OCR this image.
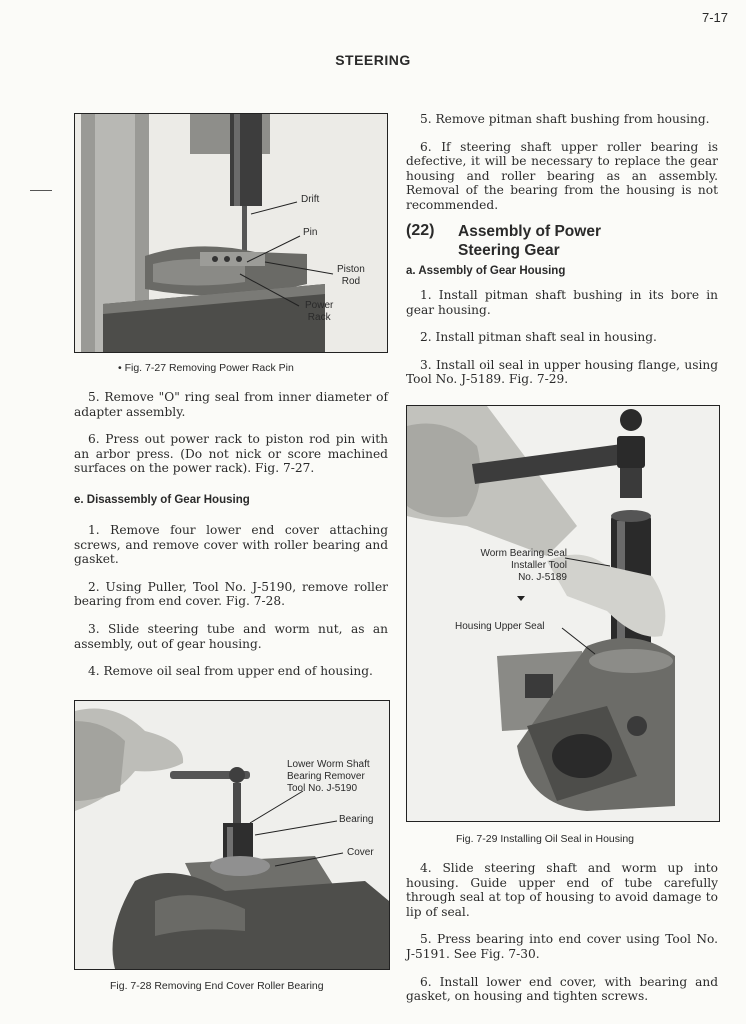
7-17
STEERING
Drift
Pin
Piston
Rod
Power
Rack
• Fig. 7-27 Removing Power Rack Pin

5. Remove "O" ring seal from inner diameter of adapter assembly.

6. Press out power rack to piston rod pin with an arbor press. (Do not nick or score machined surfaces on the power rack). Fig. 7-27.

e. Disassembly of Gear Housing

1. Remove four lower end cover attaching screws, and remove cover with roller bearing and gasket.

2. Using Puller, Tool No. J-5190, remove roller bearing from end cover. Fig. 7-28.

3. Slide steering tube and worm nut, as an assembly, out of gear housing.

4. Remove oil seal from upper end of housing.

Lower Worm Shaft
Bearing Remover
Tool No. J-5190
Bearing
Cover
Fig. 7-28 Removing End Cover Roller Bearing

5. Remove pitman shaft bushing from housing.

6. If steering shaft upper roller bearing is defective, it will be necessary to replace the gear housing and roller bearing as an assembly. Removal of the bearing from the housing is not recommended.

(22) Assembly of Power
Steering Gear
a. Assembly of Gear Housing

1. Install pitman shaft bushing in its bore in gear housing.

2. Install pitman shaft seal in housing.

3. Install oil seal in upper housing flange, using Tool No. J-5189. Fig. 7-29.

Worm Bearing Seal
Installer Tool
No. J-5189
Housing Upper Seal
Fig. 7-29 Installing Oil Seal in Housing

4. Slide steering shaft and worm up into housing. Guide upper end of tube carefully through seal at top of housing to avoid damage to lip of seal.

5. Press bearing into end cover using Tool No. J-5191. See Fig. 7-30.

6. Install lower end cover, with bearing and gasket, on housing and tighten screws.
